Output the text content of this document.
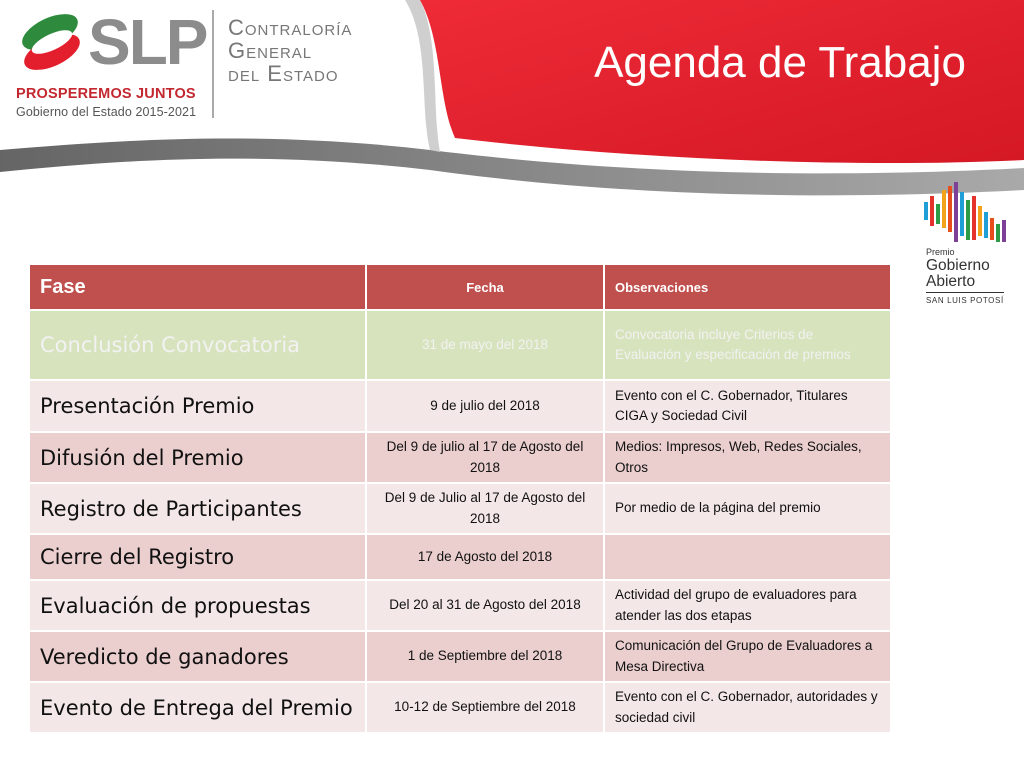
Agenda de Trabajo
SLP
PROSPEREMOS JUNTOS
Gobierno del Estado 2015-2021
Contraloría
General
del Estado
Premio
Gobierno
Abierto
SAN LUIS POTOSÍ
Fase	Fecha	Observaciones
Conclusión Convocatoria	31 de mayo del 2018	Convocatoria incluye Criterios de Evaluación y especificación de premios
Presentación Premio	9 de julio del 2018	Evento con el C. Gobernador, Titulares CIGA y Sociedad Civil
Difusión del Premio	Del 9 de julio al 17 de Agosto del 2018	Medios: Impresos, Web, Redes Sociales, Otros
Registro de Participantes	Del 9 de Julio al 17 de Agosto del 2018	Por medio de la página del premio
Cierre del Registro	17 de Agosto del 2018	
Evaluación de propuestas	Del 20 al 31 de Agosto del 2018	Actividad del grupo de evaluadores para atender las dos etapas
Veredicto de ganadores	1 de Septiembre del 2018	Comunicación del Grupo de Evaluadores a Mesa Directiva
Evento de Entrega del Premio	10-12 de Septiembre del 2018	Evento con el C. Gobernador, autoridades y sociedad civil
